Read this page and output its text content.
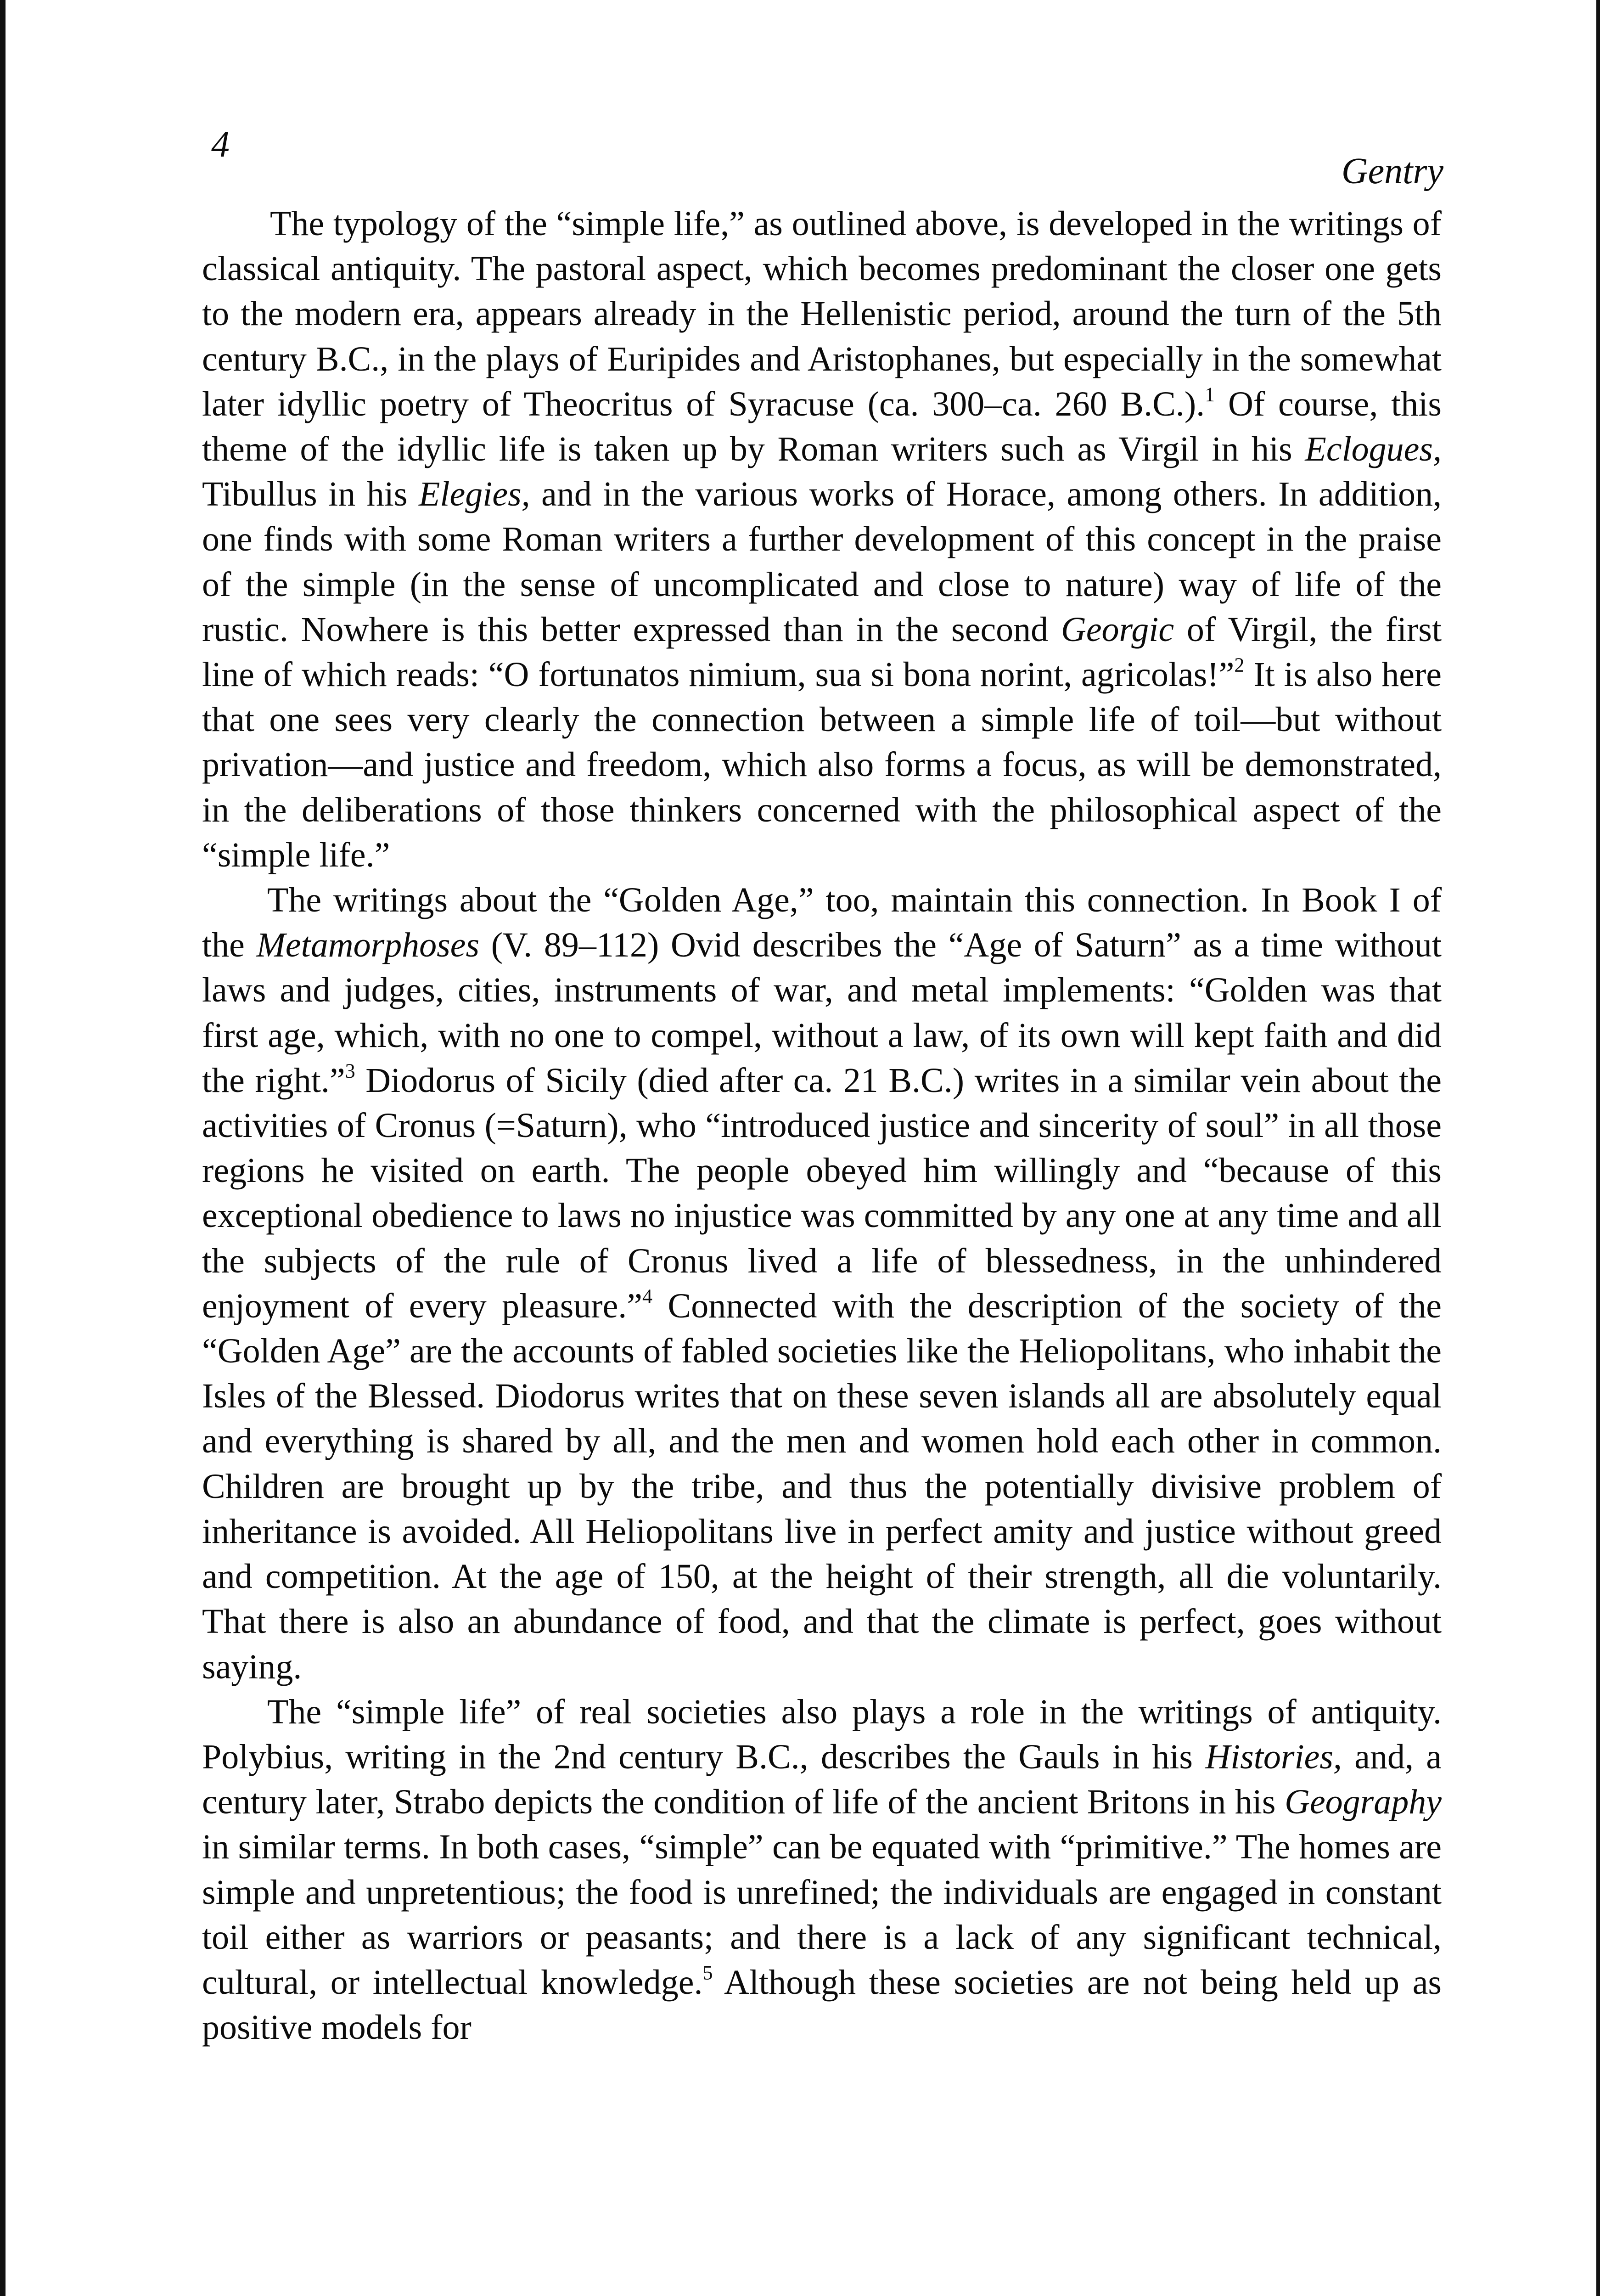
4
Gentry

The typology of the “simple life,” as outlined above, is developed in the writings of classical antiquity. The pastoral aspect, which becomes predominant the closer one gets to the modern era, appears already in the Hellenistic period, around the turn of the 5th century B.C., in the plays of Euripides and Aristophanes, but especially in the somewhat later idyllic poetry of Theocritus of Syracuse (ca. 300–ca. 260 B.C.).$^1$ Of course, this theme of the idyllic life is taken up by Roman writers such as Virgil in his Eclogues, Tibullus in his Elegies, and in the various works of Horace, among others. In addition, one finds with some Roman writers a further development of this concept in the praise of the simple (in the sense of uncomplicated and close to nature) way of life of the rustic. Nowhere is this better expressed than in the second Georgic of Virgil, the first line of which reads: “O fortunatos nimium, sua si bona norint, agricolas!”$^2$ It is also here that one sees very clearly the connection between a simple life of toil—but without privation—and justice and freedom, which also forms a focus, as will be demonstrated, in the deliberations of those thinkers concerned with the philosophical aspect of the “simple life.”

The writings about the “Golden Age,” too, maintain this connection. In Book I of the Metamorphoses (V. 89–112) Ovid describes the “Age of Saturn” as a time without laws and judges, cities, instruments of war, and metal implements: “Golden was that first age, which, with no one to compel, without a law, of its own will kept faith and did the right.”$^3$ Diodorus of Sicily (died after ca. 21 B.C.) writes in a similar vein about the activities of Cronus (=Saturn), who “introduced justice and sincerity of soul” in all those regions he visited on earth. The people obeyed him willingly and “because of this exceptional obedience to laws no injustice was committed by any one at any time and all the subjects of the rule of Cronus lived a life of blessedness, in the unhindered enjoyment of every pleasure.”$^4$ Connected with the description of the society of the “Golden Age” are the accounts of fabled societies like the Heliopolitans, who inhabit the Isles of the Blessed. Diodorus writes that on these seven islands all are absolutely equal and everything is shared by all, and the men and women hold each other in common. Children are brought up by the tribe, and thus the potentially divisive problem of inheritance is avoided. All Heliopolitans live in perfect amity and justice without greed and competition. At the age of 150, at the height of their strength, all die voluntarily. That there is also an abundance of food, and that the climate is perfect, goes without saying.

The “simple life” of real societies also plays a role in the writings of antiquity. Polybius, writing in the 2nd century B.C., describes the Gauls in his Histories, and, a century later, Strabo depicts the condition of life of the ancient Britons in his Geography in similar terms. In both cases, “simple” can be equated with “primitive.” The homes are simple and unpretentious; the food is unrefined; the individuals are engaged in constant toil either as warriors or peasants; and there is a lack of any significant technical, cultural, or intellectual knowledge.$^5$ Although these societies are not being held up as positive models for
